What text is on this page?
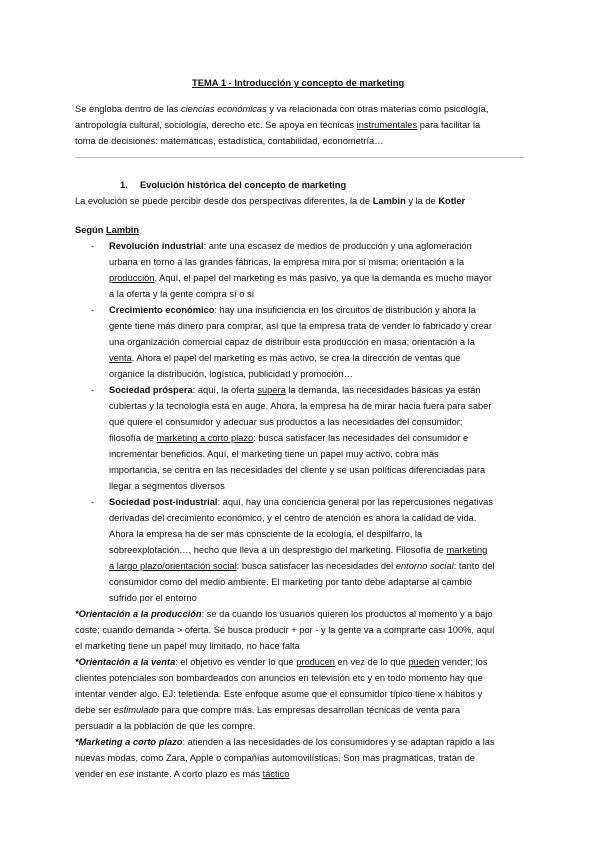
TEMA 1 - Introducción y concepto de marketing
Se engloba dentro de las ciencias económicas y va relacionada con otras materias como psicología,
antropología cultural, sociología, derecho etc. Se apoya en técnicas instrumentales para facilitar la
toma de decisiones: matemáticas, estadística, contabilidad, econometría…
1. Evolución histórica del concepto de marketing
La evolución se puede percibir desde dos perspectivas diferentes, la de Lambin y la de Kotler
Según Lambin
- Revolución industrial: ante una escasez de medios de producción y una aglomeración
urbana en torno a las grandes fábricas, la empresa mira por sí misma; orientación a la
producción. Aquí, el papel del marketing es más pasivo, ya que la demanda es mucho mayor
a la oferta y la gente compra sí o sí
- Crecimiento económico: hay una insuficiencia en los circuitos de distribución y ahora la
gente tiene más dinero para comprar, así que la empresa trata de vender lo fabricado y crear
una organización comercial capaz de distribuir esta producción en masa; orientación a la
venta. Ahora el papel del marketing es más activo, se crea la dirección de ventas que
organice la distribución, logística, publicidad y promoción…
- Sociedad próspera: aquí, la oferta supera la demanda, las necesidades básicas ya están
cubiertas y la tecnología está en auge. Ahora, la empresa ha de mirar hacia fuera para saber
qué quiere el consumidor y adecuar sus productos a las necesidades del consumidor;
filosofía de marketing a corto plazo: busca satisfacer las necesidades del consumidor e
incrementar beneficios. Aquí, el marketing tiene un papel muy activo, cobra más
importancia, se centra en las necesidades del cliente y se usan políticas diferenciadas para
llegar a segmentos diversos
- Sociedad post-industrial: aquí, hay una conciencia general por las repercusiones negativas
derivadas del crecimiento económico, y el centro de atención es ahora la calidad de vida.
Ahora la empresa ha de ser más consciente de la ecología, el despilfarro, la
sobreexplotación…, hecho que lleva a un desprestigio del marketing. Filosofía de marketing
a largo plazo/orientación social: busca satisfacer las necesidades del entorno social: tanto del
consumidor como del medio ambiente. El marketing por tanto debe adaptarse al cambio
sufrido por el entorno
*Orientación a la producción: se da cuando los usuarios quieren los productos al momento y a bajo
coste; cuando demanda > oferta. Se busca producir + por - y la gente va a comprarte casi 100%, aquí
el marketing tiene un papel muy limitado, no hace falta
*Orientación a la venta: el objetivo es vender lo que producen en vez de lo que pueden vender; los
clientes potenciales son bombardeados con anuncios en televisión etc y en todo momento hay que
intentar vender algo. EJ: teletienda. Este enfoque asume que el consumidor típico tiene x hábitos y
debe ser estimulado para que compre más. Las empresas desarrollan técnicas de venta para
persuadir a la población de que les compre.
*Marketing a corto plazo: atienden a las necesidades de los consumidores y se adaptan rápido a las
nuevas modas, como Zara, Apple o compañías automovilísticas. Son más pragmáticas, tratan de
vender en ese instante. A corto plazo es más táctico
